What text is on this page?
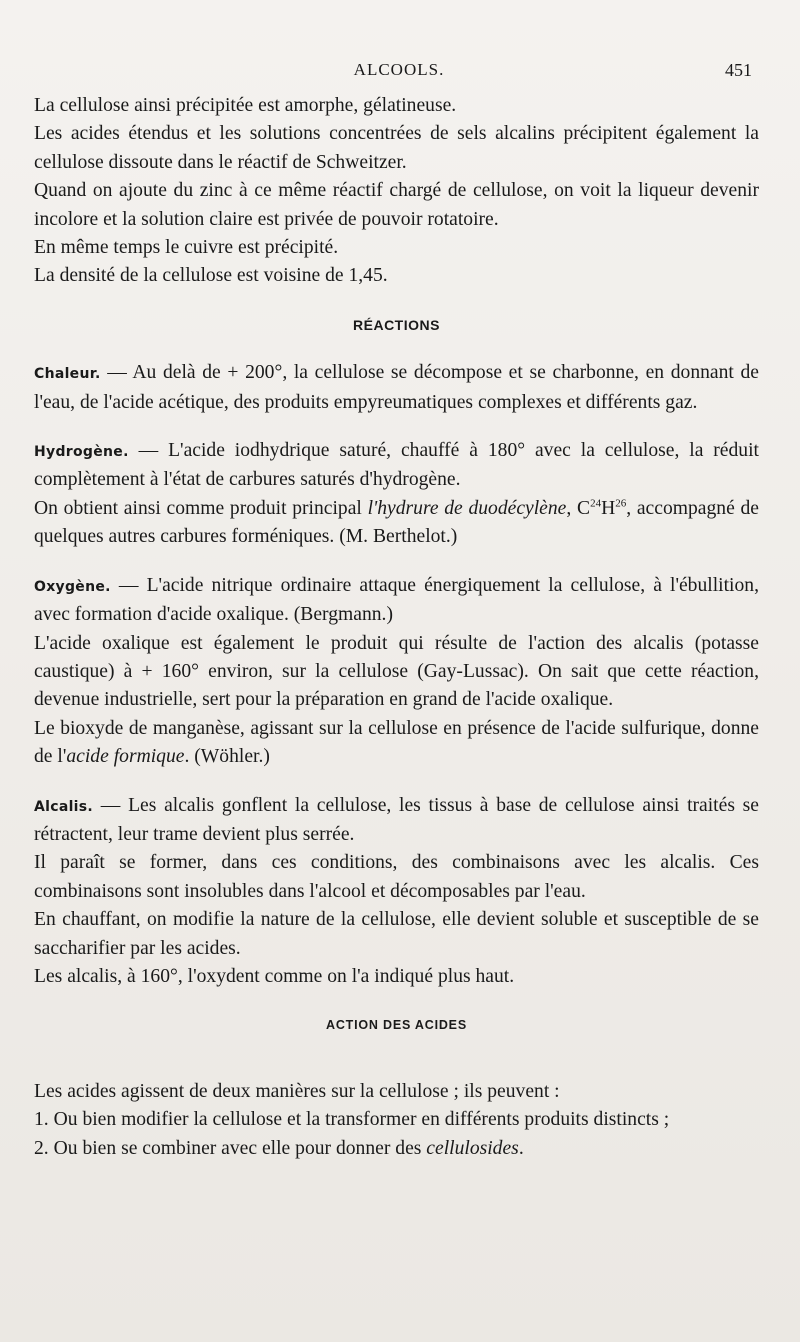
ALCOOLS.	451

La cellulose ainsi précipitée est amorphe, gélatineuse.

Les acides étendus et les solutions concentrées de sels alcalins précipitent également la cellulose dissoute dans le réactif de Schweitzer.

Quand on ajoute du zinc à ce même réactif chargé de cellulose, on voit la liqueur devenir incolore et la solution claire est privée de pouvoir rotatoire.

En même temps le cuivre est précipité.

La densité de la cellulose est voisine de 1,45.

RÉACTIONS

Chaleur. — Au delà de + 200°, la cellulose se décompose et se charbonne, en donnant de l'eau, de l'acide acétique, des produits empyreumatiques complexes et différents gaz.

Hydrogène. — L'acide iodhydrique saturé, chauffé à 180° avec la cellulose, la réduit complètement à l'état de carbures saturés d'hydrogène.

On obtient ainsi comme produit principal l'hydrure de duodécylène, $C^{24}H^{26}$, accompagné de quelques autres carbures forméniques. (M. Berthelot.)

Oxygène. — L'acide nitrique ordinaire attaque énergiquement la cellulose, à l'ébullition, avec formation d'acide oxalique. (Bergmann.)

L'acide oxalique est également le produit qui résulte de l'action des alcalis (potasse caustique) à + 160° environ, sur la cellulose (Gay-Lussac). On sait que cette réaction, devenue industrielle, sert pour la préparation en grand de l'acide oxalique.

Le bioxyde de manganèse, agissant sur la cellulose en présence de l'acide sulfurique, donne de l'acide formique. (Wöhler.)

Alcalis. — Les alcalis gonflent la cellulose, les tissus à base de cellulose ainsi traités se rétractent, leur trame devient plus serrée.

Il paraît se former, dans ces conditions, des combinaisons avec les alcalis. Ces combinaisons sont insolubles dans l'alcool et décomposables par l'eau.

En chauffant, on modifie la nature de la cellulose, elle devient soluble et susceptible de se saccharifier par les acides.

Les alcalis, à 160°, l'oxydent comme on l'a indiqué plus haut.

ACTION DES ACIDES

Les acides agissent de deux manières sur la cellulose ; ils peuvent :

1. Ou bien modifier la cellulose et la transformer en différents produits distincts ;

2. Ou bien se combiner avec elle pour donner des cellulosides.
